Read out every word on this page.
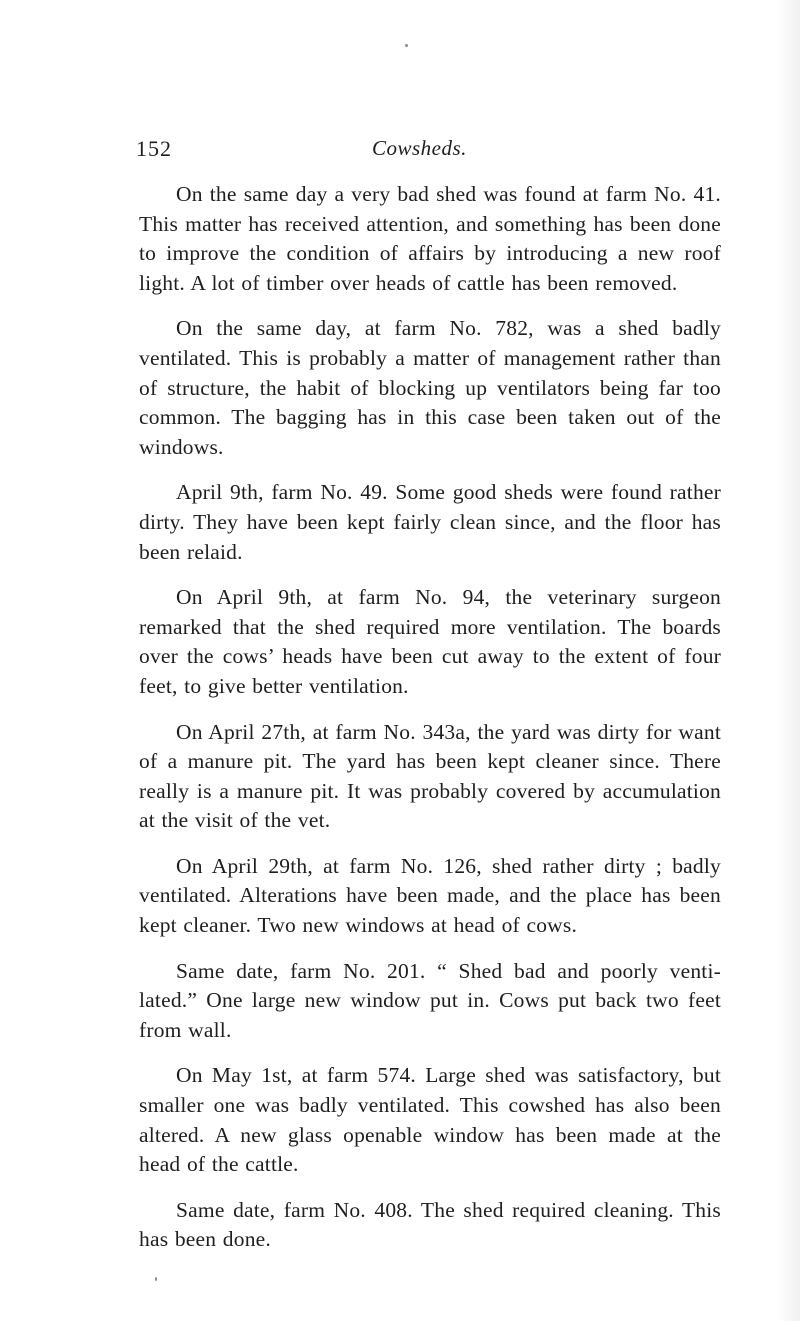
152	Cowsheds.

On the same day a very bad shed was found at farm No. 41. This matter has received attention, and something has been done to improve the condition of affairs by introducing a new roof light. A lot of timber over heads of cattle has been removed.

On the same day, at farm No. 782, was a shed badly ventilated. This is probably a matter of management rather than of structure, the habit of blocking up ventilators being far too common. The bagging has in this case been taken out of the windows.

April 9th, farm No. 49. Some good sheds were found rather dirty. They have been kept fairly clean since, and the floor has been relaid.

On April 9th, at farm No. 94, the veterinary surgeon remarked that the shed required more ventilation. The boards over the cows’ heads have been cut away to the extent of four feet, to give better ventilation.

On April 27th, at farm No. 343a, the yard was dirty for want of a manure pit. The yard has been kept cleaner since. There really is a manure pit. It was probably covered by accumulation at the visit of the vet.

On April 29th, at farm No. 126, shed rather dirty ; badly ventilated. Alterations have been made, and the place has been kept cleaner. Two new windows at head of cows.

Same date, farm No. 201. “ Shed bad and poorly venti- lated.” One large new window put in. Cows put back two feet from wall.

On May 1st, at farm 574. Large shed was satisfactory, but smaller one was badly ventilated. This cowshed has also been altered. A new glass openable window has been made at the head of the cattle.

Same date, farm No. 408. The shed required cleaning. This has been done.
